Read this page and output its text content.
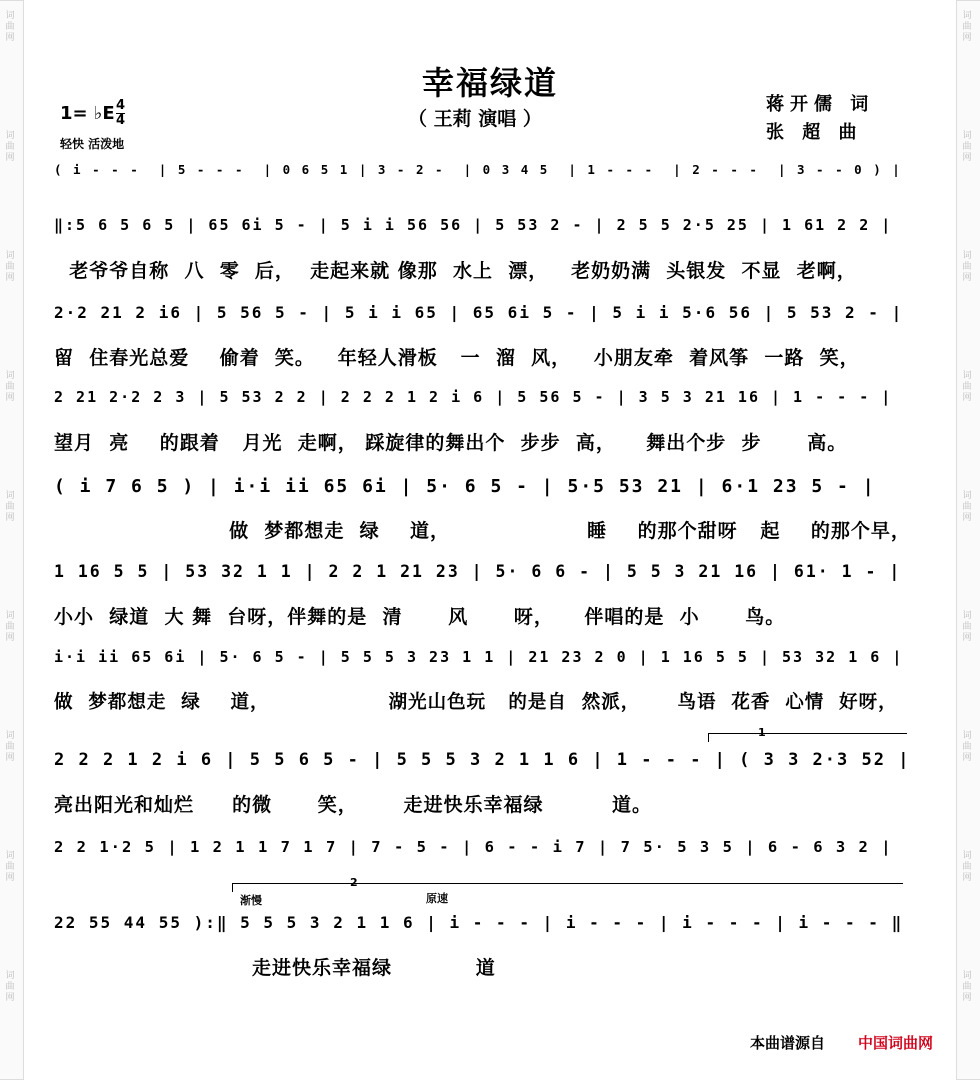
词曲网
词曲网
词曲网
词曲网
词曲网
词曲网
词曲网
词曲网
词曲网
词曲网
词曲网
词曲网
词曲网
词曲网
词曲网
词曲网
词曲网
词曲网
幸福绿道
（ 王莉 演唱 ）
蒋开儒 词
张 超 曲
1= ♭E 4
4
轻快 活泼地
( i - - -  | 5 - - -  | 0 6 5 1 | 3 - 2 -  | 0 3 4 5  | 1 - - -  | 2 - - -  | 3 - - 0 ) |
‖:5 6 5 6 5 | 65 6i 5 - | 5 i i 56 56 | 5 53 2 - | 2 5 5 2·5 25 | 1 61 2 2 |
老爷爷自称  八  零  后，  走起来就 像那  水上  漂，   老奶奶满  头银发  不显  老啊，
2·2 21 2 i6 | 5 56 5 - | 5 i i 65 | 65 6i 5 - | 5 i i 5·6 56 | 5 53 2 - |
留  住春光总爱    偷着  笑。   年轻人滑板   一  溜  风，   小朋友牵  着风筝  一路  笑，
2 21 2·2 2 3 | 5 53 2 2 | 2 2 2 1 2 i 6 | 5 56 5 - | 3 5 3 21 16 | 1 - - - |
望月  亮    的跟着   月光  走啊， 踩旋律的舞出个  步步  高，    舞出个步  步      高。
( i 7 6 5 ) | i·i ii 65 6i | 5· 6 5 - | 5·5 53 21 | 6·1 23 5 - |
做  梦都想走  绿    道，                  睡    的那个甜呀   起    的那个早，
1 16 5 5 | 53 32 1 1 | 2 2 1 21 23 | 5· 6 6 - | 5 5 3 21 16 | 61· 1 - |
小小  绿道  大 舞  台呀，伴舞的是  清      风      呀，    伴唱的是  小      鸟。
i·i ii 65 6i | 5· 6 5 - | 5 5 5 3 23 1 1 | 21 23 2 0 | 1 16 5 5 | 53 32 1 6 |
做  梦都想走  绿    道，                湖光山色玩   的是自  然派，     鸟语  花香  心情  好呀，
2 2 2 1 2 i 6 | 5 5 6 5 - | 5 5 5 3 2 1 1 6 | 1 - - - | ( 3 3 2·3 52 |
亮出阳光和灿烂     的微      笑，      走进快乐幸福绿         道。
2 2 1·2 5 | 1 2 1 1 7 1 7 | 7 - 5 - | 6 - - i 7 | 7 5· 5 3 5 | 6 - 6 3 2 |
22 55 44 55 ):‖ 5 5 5 3 2 1 1 6 | i - - - | i - - - | i - - - | i - - - ‖
走进快乐幸福绿           道
1
2
渐慢	原速
本曲谱源自 中国词曲网
